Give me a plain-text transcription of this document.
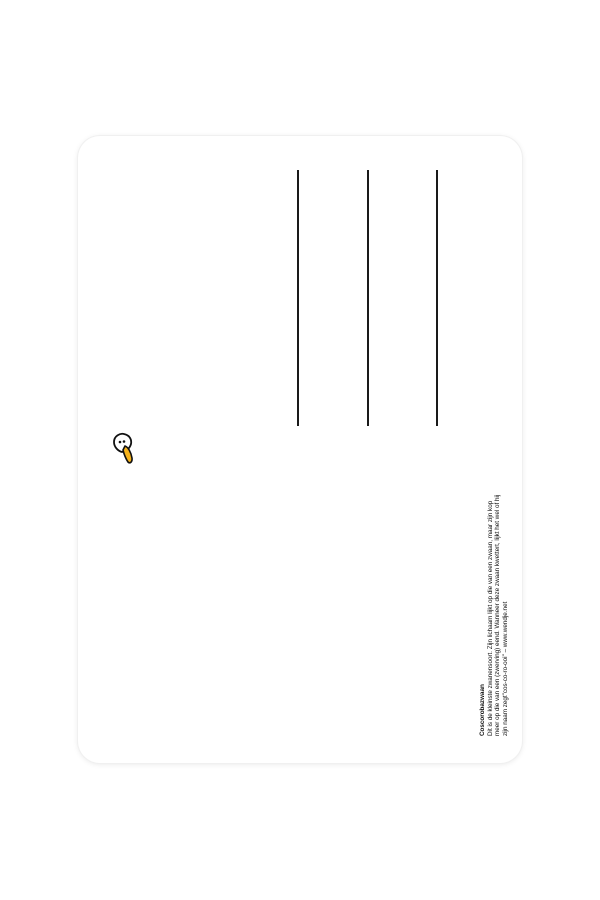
Coscorobazwaan Dit is de kleinste zwanensoort. Zijn lichaam lijkt op die van een zwaan, maar zijn kop meer op die van een (zwerving) eend. Wanneer deze zwaan kwettert, lijkt het wel of hij zijn naam zegt"cos-co-ro-ooi" – www.wendje.net
